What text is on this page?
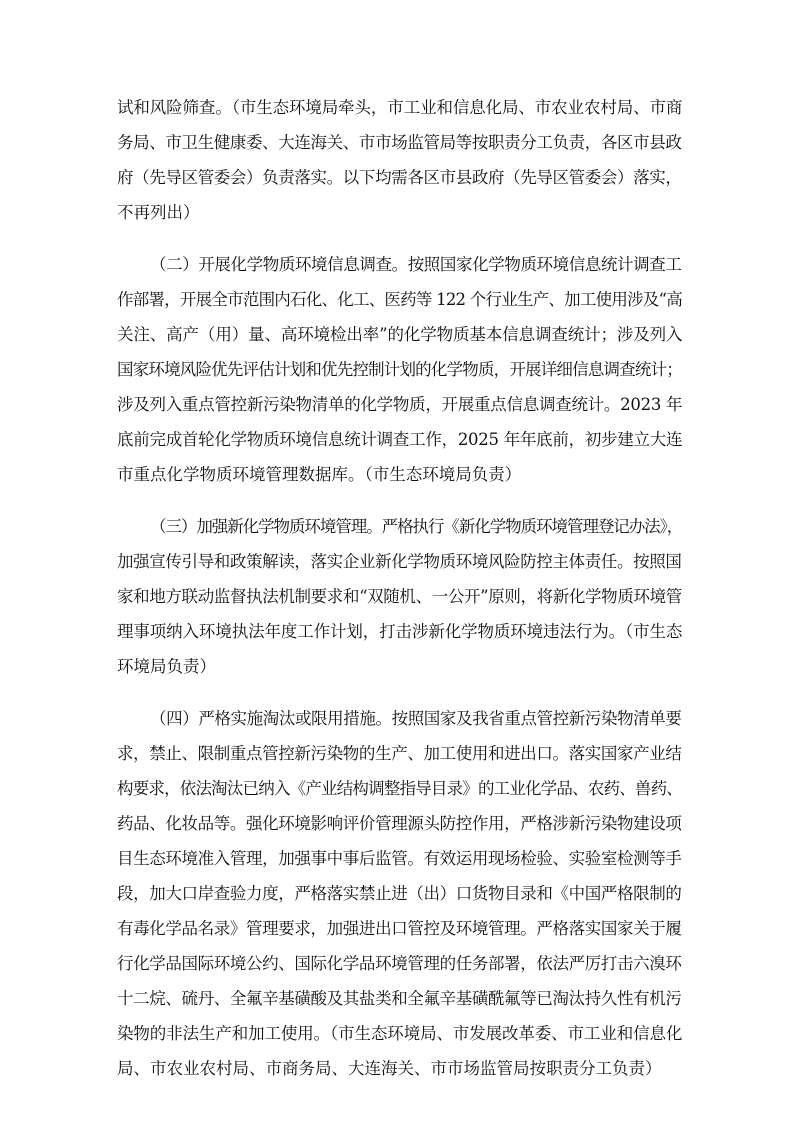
试和风险筛查。（市生态环境局牵头，市工业和信息化局、市农业农村局、市商
务局、市卫生健康委、大连海关、市市场监管局等按职责分工负责，各区市县政
府（先导区管委会）负责落实。以下均需各区市县政府（先导区管委会）落实，
不再列出）
（二）开展化学物质环境信息调查。按照国家化学物质环境信息统计调查工
作部署，开展全市范围内石化、化工、医药等 122 个行业生产、加工使用涉及“高
关注、高产（用）量、高环境检出率”的化学物质基本信息调查统计；涉及列入
国家环境风险优先评估计划和优先控制计划的化学物质，开展详细信息调查统计；
涉及列入重点管控新污染物清单的化学物质，开展重点信息调查统计。2023 年
底前完成首轮化学物质环境信息统计调查工作，2025 年年底前，初步建立大连
市重点化学物质环境管理数据库。（市生态环境局负责）
（三）加强新化学物质环境管理。严格执行《新化学物质环境管理登记办法》，
加强宣传引导和政策解读，落实企业新化学物质环境风险防控主体责任。按照国
家和地方联动监督执法机制要求和“双随机、一公开”原则，将新化学物质环境管
理事项纳入环境执法年度工作计划，打击涉新化学物质环境违法行为。（市生态
环境局负责）
（四）严格实施淘汰或限用措施。按照国家及我省重点管控新污染物清单要
求，禁止、限制重点管控新污染物的生产、加工使用和进出口。落实国家产业结
构要求，依法淘汰已纳入《产业结构调整指导目录》的工业化学品、农药、兽药、
药品、化妆品等。强化环境影响评价管理源头防控作用，严格涉新污染物建设项
目生态环境准入管理，加强事中事后监管。有效运用现场检验、实验室检测等手
段，加大口岸查验力度，严格落实禁止进（出）口货物目录和《中国严格限制的
有毒化学品名录》管理要求，加强进出口管控及环境管理。严格落实国家关于履
行化学品国际环境公约、国际化学品环境管理的任务部署，依法严厉打击六溴环
十二烷、硫丹、全氟辛基磺酸及其盐类和全氟辛基磺酰氟等已淘汰持久性有机污
染物的非法生产和加工使用。（市生态环境局、市发展改革委、市工业和信息化
局、市农业农村局、市商务局、大连海关、市市场监管局按职责分工负责）
